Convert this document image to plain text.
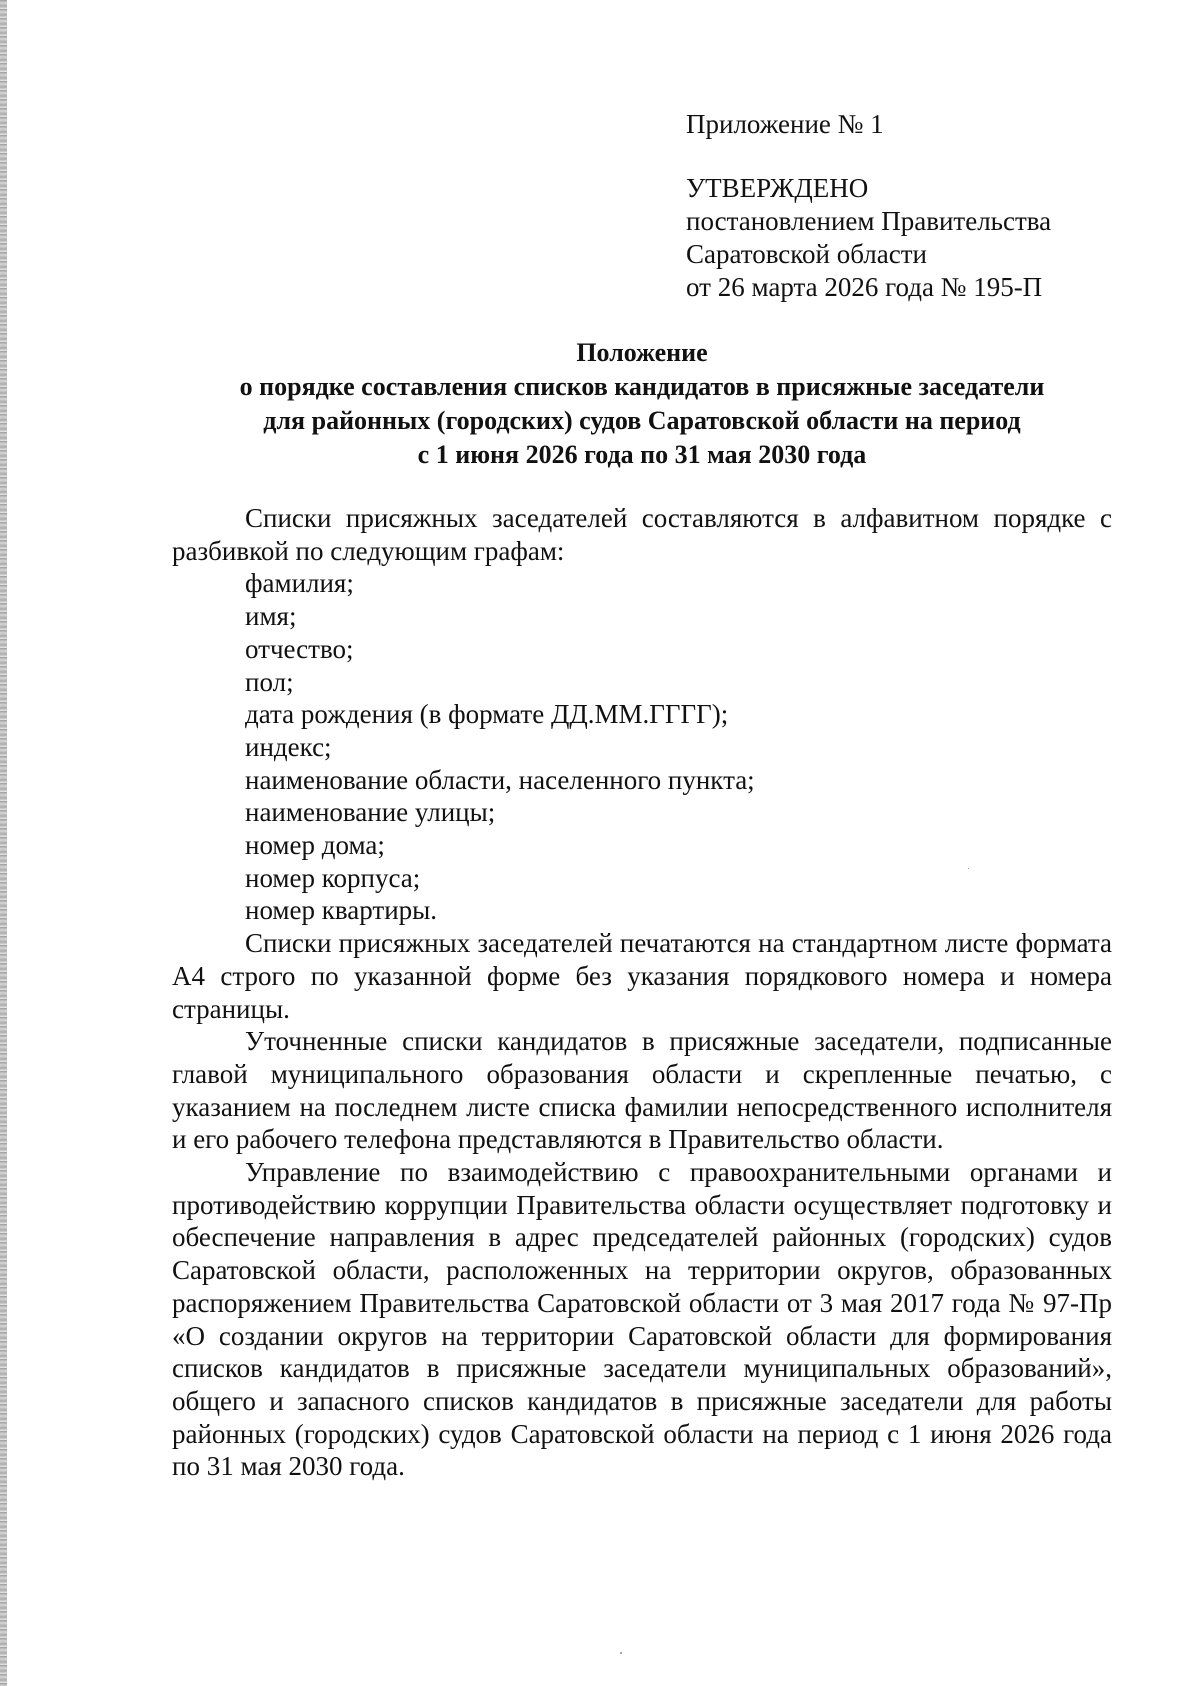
Приложение № 1
УТВЕРЖДЕНО
постановлением Правительства
Саратовской области
от 26 марта 2026 года № 195-П
Положение
о порядке составления списков кандидатов в присяжные заседатели
для районных (городских) судов Саратовской области на период
с 1 июня 2026 года по 31 мая 2030 года

Списки присяжных заседателей составляются в алфавитном порядке с разбивкой по следующим графам:

фамилия;
имя;
отчество;
пол;
дата рождения (в формате ДД.ММ.ГГГГ);
индекс;
наименование области, населенного пункта;
наименование улицы;
номер дома;
номер корпуса;
номер квартиры.

Списки присяжных заседателей печатаются на стандартном листе формата А4 строго по указанной форме без указания порядкового номера и номера страницы.

Уточненные списки кандидатов в присяжные заседатели, подписанные главой муниципального образования области и скрепленные печатью, с указанием на последнем листе списка фамилии непосредственного исполнителя и его рабочего телефона представляются в Правительство области.

Управление по взаимодействию с правоохранительными органами и противодействию коррупции Правительства области осуществляет подготовку и обеспечение направления в адрес председателей районных (городских) судов Саратовской области, расположенных на территории округов, образованных распоряжением Правительства Саратовской области от 3 мая 2017 года № 97-Пр «О создании округов на территории Саратовской области для формирования списков кандидатов в присяжные заседатели муниципальных образований», общего и запасного списков кандидатов в присяжные заседатели для работы районных (городских) судов Саратовской области на период с 1 июня 2026 года по 31 мая 2030 года.
